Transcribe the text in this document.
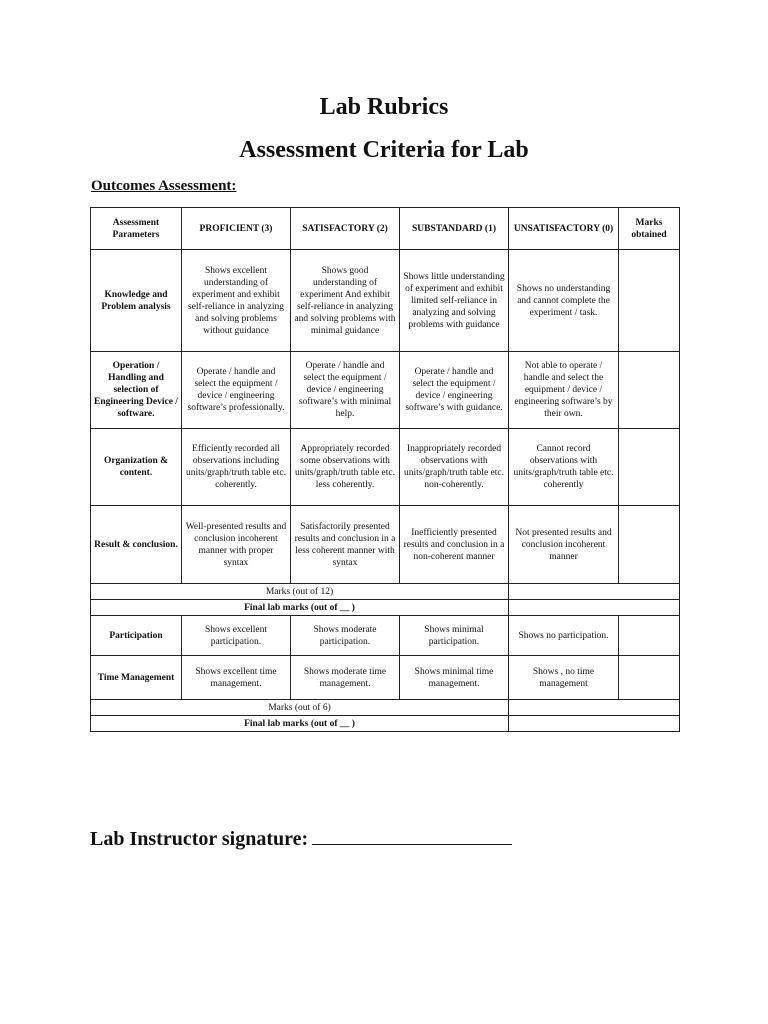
Lab Rubrics
Assessment Criteria for Lab
Outcomes Assessment:
Assessment Parameters	PROFICIENT (3)	SATISFACTORY (2)	SUBSTANDARD (1)	UNSATISFACTORY (0)	Marks obtained
Knowledge and Problem analysis	Shows excellent understanding of experiment and exhibit self-reliance in analyzing and solving problems without guidance	Shows good understanding of experiment And exhibit self-reliance in analyzing and solving problems with minimal guidance	Shows little understanding of experiment and exhibit limited self-reliance in analyzing and solving problems with guidance	Shows no understanding and cannot complete the experiment / task.	
Operation / Handling and selection of Engineering Device / software.	Operate / handle and select the equipment / device / engineering software’s professionally.	Operate / handle and select the equipment / device / engineering software’s with minimal help.	Operate / handle and select the equipment / device / engineering software’s with guidance.	Not able to operate / handle and select the equipment / device / engineering software’s by their own.	
Organization & content.	Efficiently recorded all observations including units/graph/truth table etc. coherently.	Appropriately recorded some observations with units/graph/truth table etc. less coherently.	Inappropriately recorded observations with units/graph/truth table etc. non-coherently.	Cannot record observations with units/graph/truth table etc. coherently	
Result & conclusion.	Well-presented results and conclusion incoherent manner with proper syntax	Satisfactorily presented results and conclusion in a less coherent manner with syntax	Inefficiently presented results and conclusion in a non-coherent manner	Not presented results and conclusion incoherent manner	
Marks (out of 12)					
Final lab marks (out of __ )					
Participation	Shows excellent participation.	Shows moderate participation.	Shows minimal participation.	Shows no participation.	
Time Management	Shows excellent time management.	Shows moderate time management.	Shows minimal time management.	Shows , no time management	
Marks (out of 6)					
Final lab marks (out of __ )					
Lab Instructor signature:
